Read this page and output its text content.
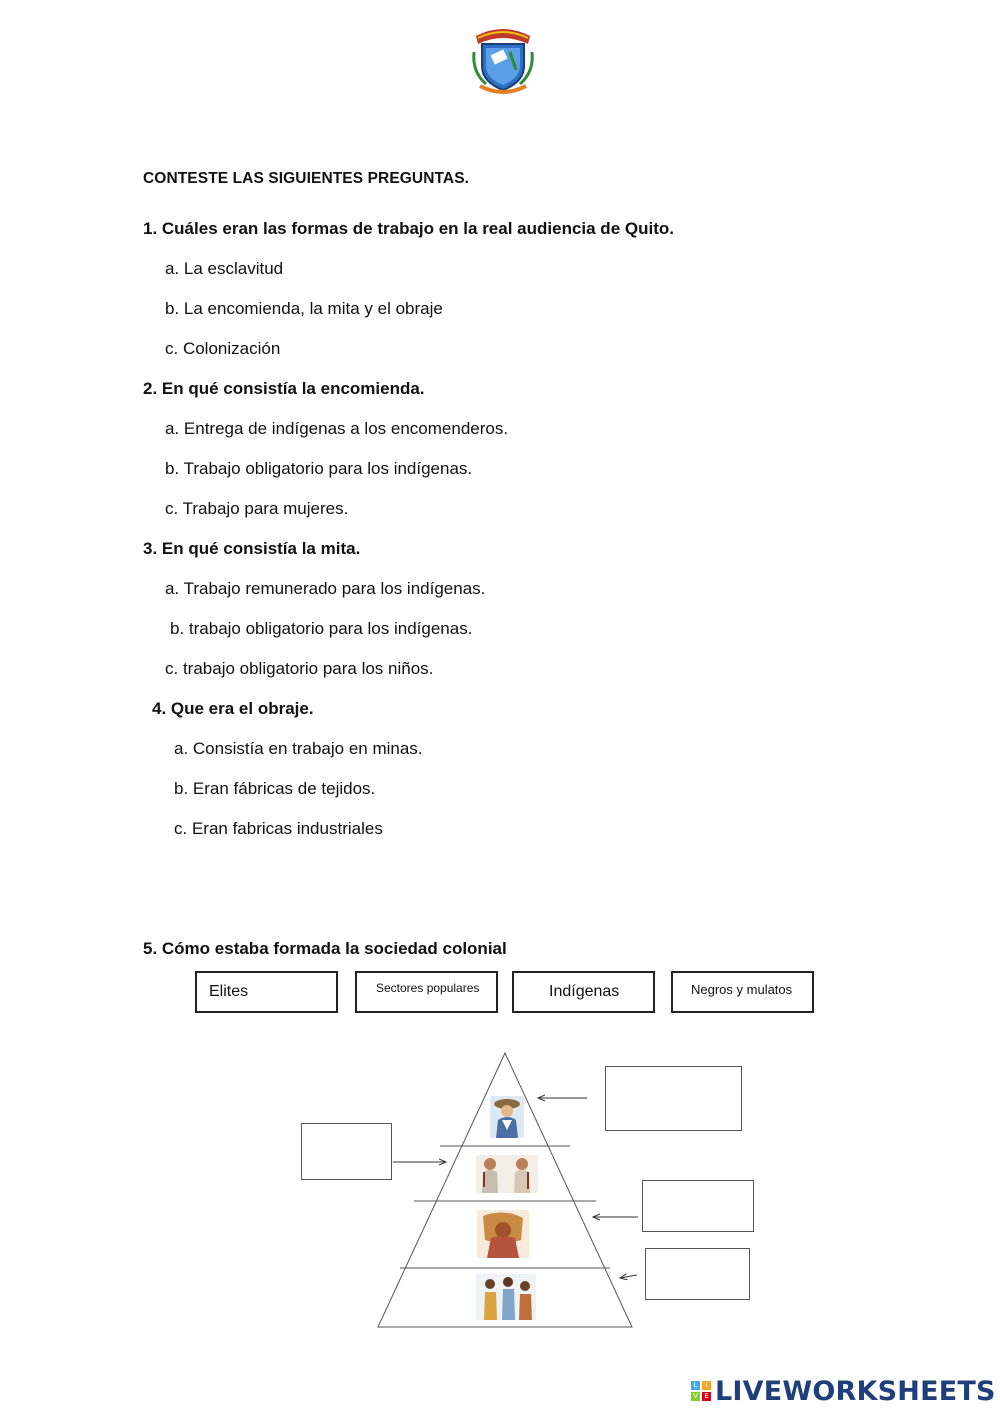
CONTESTE LAS SIGUIENTES PREGUNTAS.
1. Cuáles eran las formas de trabajo en la real audiencia de Quito.
a. La esclavitud
b. La encomienda, la mita y el obraje
c. Colonización
2. En qué consistía la encomienda.
a. Entrega de indígenas a los encomenderos.
b. Trabajo obligatorio para los indígenas.
c. Trabajo para mujeres.
3. En qué consistía la mita.
a. Trabajo remunerado para los indígenas.
b. trabajo obligatorio para los indígenas.
c. trabajo obligatorio para los niños.
4. Que era el obraje.
a. Consistía en trabajo en minas.
b. Eran fábricas de tejidos.
c. Eran fabricas industriales
5. Cómo estaba formada la sociedad colonial
Elites	Sectores populares	Indígenas	Negros y mulatos
L	I
V E LIVEWORKSHEETS
